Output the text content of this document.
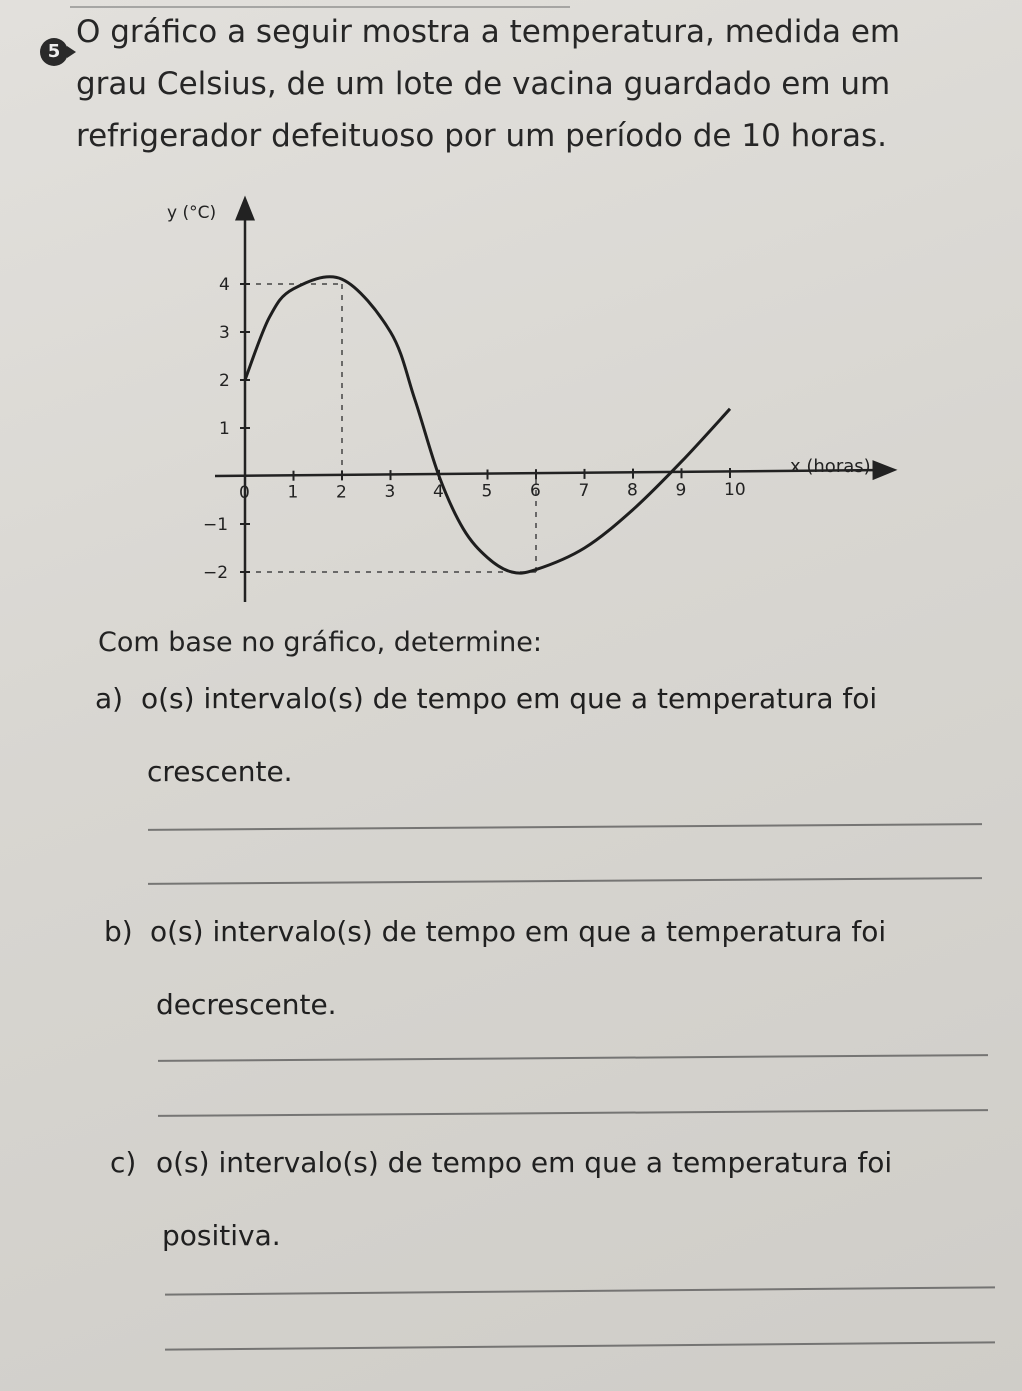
5

O gráfico a seguir mostra a temperatura, medida em

grau Celsius, de um lote de vacina guardado em um

refrigerador defeituoso por um período de 10 horas.

0 1 2 3 4 5 6 7 8 9 10
4
3
2
1
−1
−2
y (°C)
x (horas)
Com base no gráfico, determine:
a) o(s) intervalo(s) de tempo em que a temperatura foi
crescente.
b) o(s) intervalo(s) de tempo em que a temperatura foi
decrescente.
c) o(s) intervalo(s) de tempo em que a temperatura foi
positiva.
